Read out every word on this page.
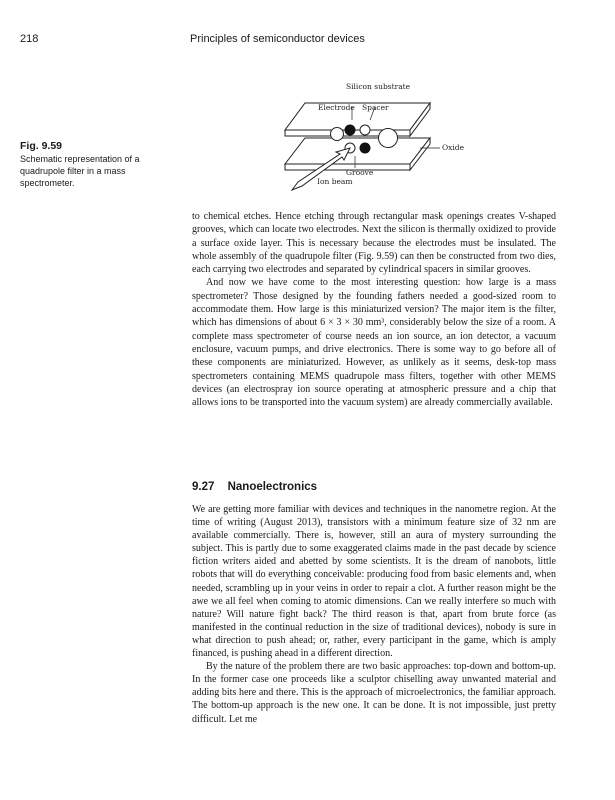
218	Principles of semiconductor devices
Fig. 9.59
Schematic representation of a quadrupole filter in a mass spectrometer.
Silicon substrate
Electrode Spacer
Oxide
Groove
Ion beam

to chemical etches. Hence etching through rectangular mask openings creates V-shaped grooves, which can locate two electrodes. Next the silicon is thermally oxidized to provide a surface oxide layer. This is necessary because the electrodes must be insulated. The whole assembly of the quadrupole filter (Fig. 9.59) can then be constructed from two dies, each carrying two electrodes and separated by cylindrical spacers in similar grooves.

And now we have come to the most interesting question: how large is a mass spectrometer? Those designed by the founding fathers needed a good-sized room to accommodate them. How large is this miniaturized version? The major item is the filter, which has dimensions of about 6 × 3 × 30 mm³, considerably below the size of a room. A complete mass spectrometer of course needs an ion source, an ion detector, a vacuum enclosure, vacuum pumps, and drive electronics. There is some way to go before all of these components are miniaturized. However, as unlikely as it seems, desk-top mass spectrometers containing MEMS quadrupole mass filters, together with other MEMS devices (an electrospray ion source operating at atmospheric pressure and a chip that allows ions to be transported into the vacuum system) are already commercially available.

9.27 Nanoelectronics

We are getting more familiar with devices and techniques in the nanometre region. At the time of writing (August 2013), transistors with a minimum feature size of 32 nm are available commercially. There is, however, still an aura of mystery surrounding the subject. This is partly due to some exaggerated claims made in the past decade by science fiction writers aided and abetted by some scientists. It is the dream of nanobots, little robots that will do everything conceivable: producing food from basic elements and, when needed, scrambling up in your veins in order to repair a clot. A further reason might be the awe we all feel when coming to atomic dimensions. Can we really interfere so much with nature? Will nature fight back? The third reason is that, apart from brute force (as manifested in the continual reduction in the size of traditional devices), nobody is sure in what direction to push ahead; or, rather, every participant in the game, which is amply financed, is pushing ahead in a different direction.

By the nature of the problem there are two basic approaches: top-down and bottom-up. In the former case one proceeds like a sculptor chiselling away unwanted material and adding bits here and there. This is the approach of microelectronics, the familiar approach. The bottom-up approach is the new one. It can be done. It is not impossible, just pretty difficult. Let me
